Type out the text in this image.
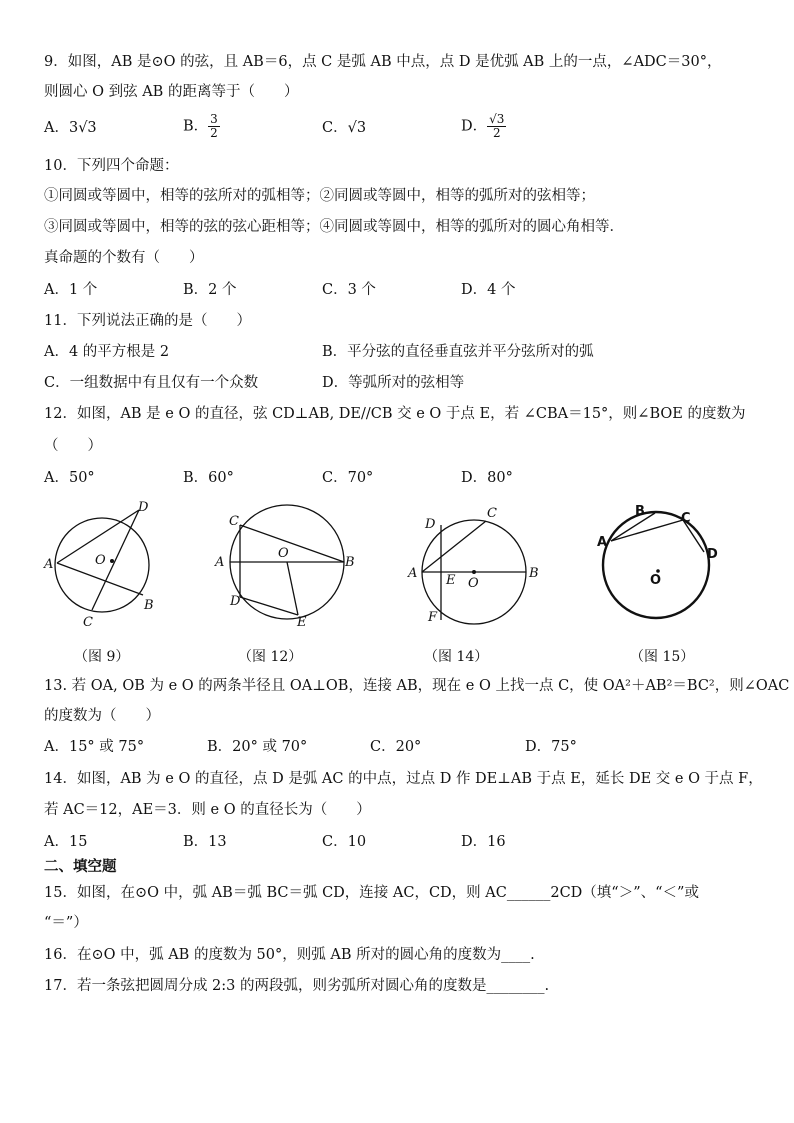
9．如图，AB 是⊙O 的弦，且 AB＝6，点 C 是弧 AB 中点，点 D 是优弧 AB 上的一点，∠ADC＝30°，
则圆心 O 到弦 AB 的距离等于（　　）
A．3√3	B． $\frac{3}{2}$	C．√3	D． $\frac{√3}{2}$
10．下列四个命题：
①同圆或等圆中，相等的弦所对的弧相等；②同圆或等圆中，相等的弧所对的弦相等；
③同圆或等圆中，相等的弦的弦心距相等；④同圆或等圆中，相等的弧所对的圆心角相等．
真命题的个数有（　　）
A．1 个	B．2 个	C．3 个	D．4 个
11．下列说法正确的是（　　）
A．4 的平方根是 2	B．平分弦的直径垂直弦并平分弦所对的弧
C．一组数据中有且仅有一个众数	D．等弧所对的弦相等
12．如图，AB 是 e O 的直径，弦 CD⊥AB, DE//CB 交 e O 于点 E，若 ∠CBA＝15°，则∠BOE 的度数为
（　　）
A．50°	B．60°	C．70°	D．80°
A
D
O
C
B
C
O
A	B
D
E
D
C
A E O
B
F
B	C
A
D
O
（图 9）	（图 12）	（图 14）	（图 15）
13. 若 OA, OB 为 e O 的两条半径且 OA⊥OB，连接 AB，现在 e O 上找一点 C，使 OA²＋AB²＝BC²，则∠OAC
的度数为（　　）
A．15° 或 75°	B．20° 或 70°	C．20°	D．75°
14．如图，AB 为 e O 的直径，点 D 是弧 AC 的中点，过点 D 作 DE⊥AB 于点 E，延长 DE 交 e O 于点 F，
若 AC＝12，AE＝3．则 e O 的直径长为（　　）
A．15	B．13	C．10	D．16
二、填空题
15．如图，在⊙O 中，弧 AB＝弧 BC＝弧 CD，连接 AC，CD，则 AC______2CD（填“＞”、“＜”或
“＝”）
16．在⊙O 中，弧 AB 的度数为 50°，则弧 AB 所对的圆心角的度数为____.
17．若一条弦把圆周分成 2:3 的两段弧，则劣弧所对圆心角的度数是________.
